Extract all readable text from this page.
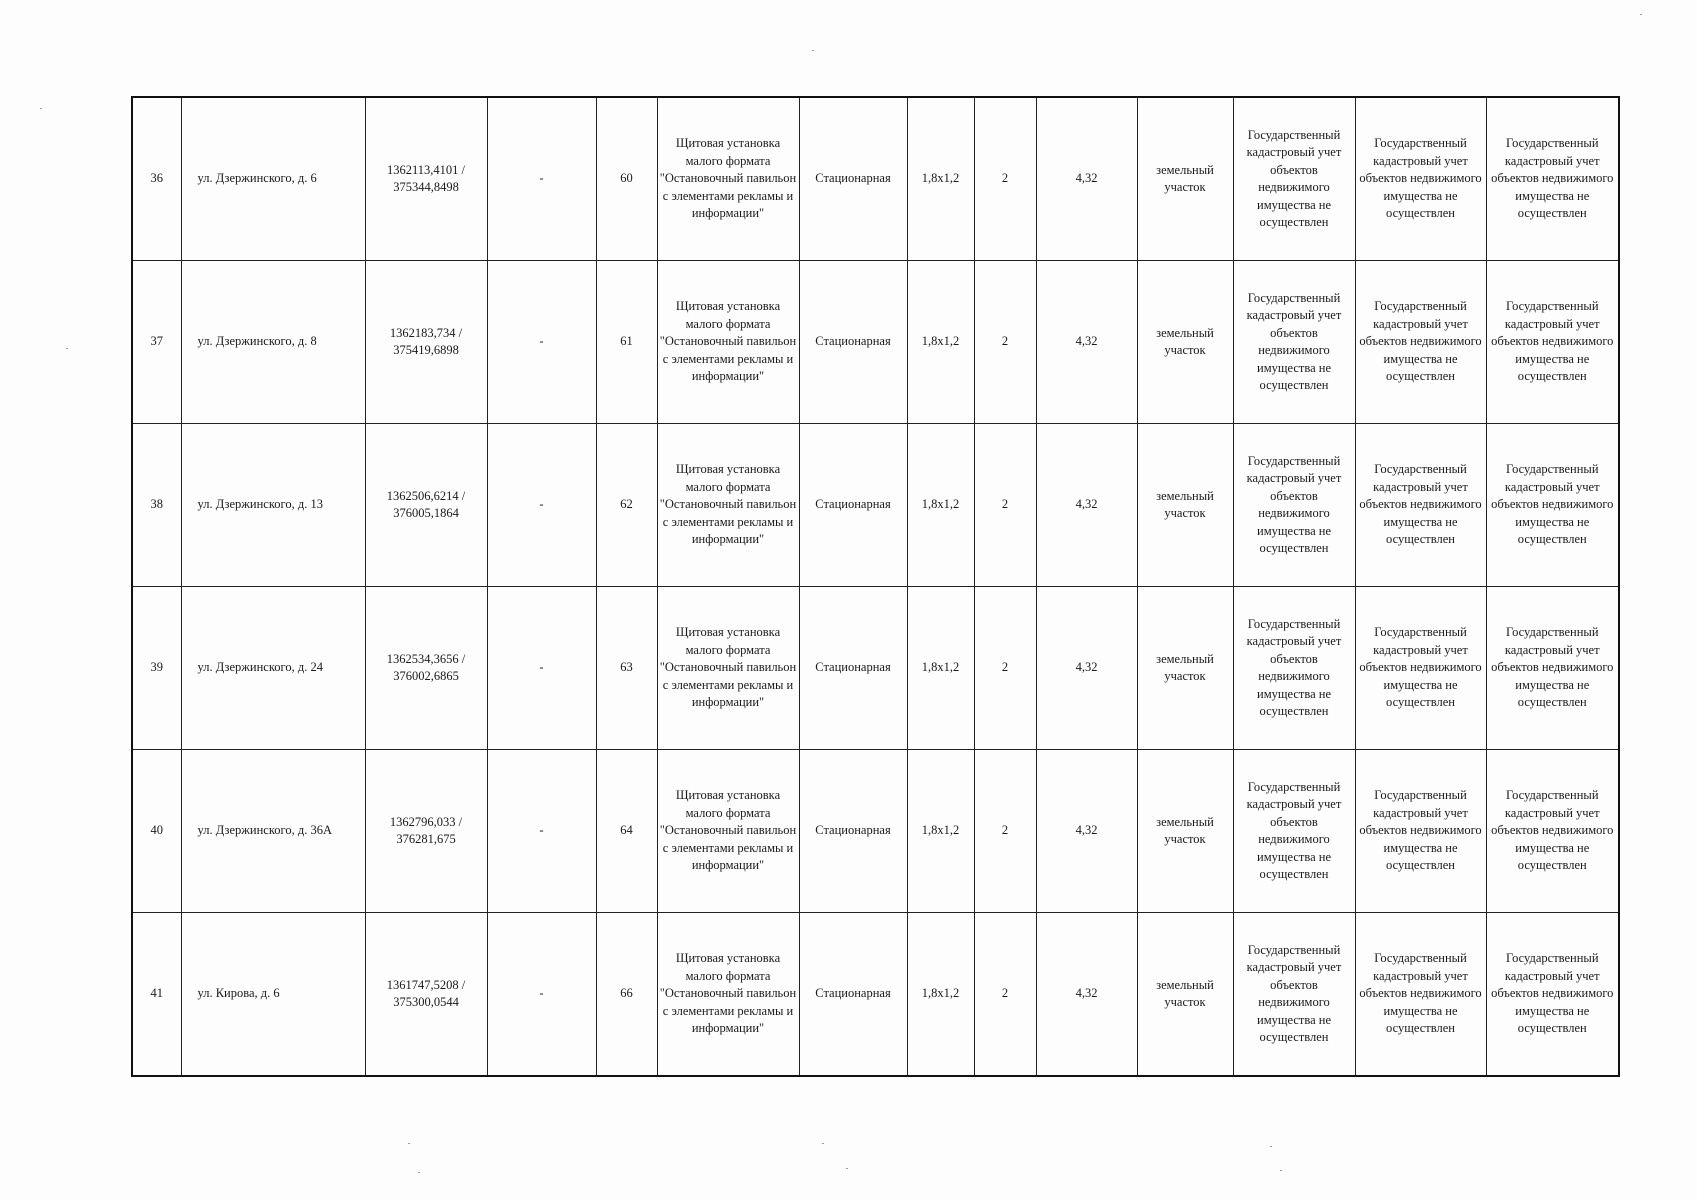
36	ул. Дзержинского, д. 6	1362113,4101 / 375344,8498	-	60	Щитовая установка малого формата "Остановочный павильон с элементами рекламы и информации"	Стационарная	1,8x1,2	2	4,32	земельный участок	Государственный кадастровый учет объектов недвижимого имущества не осуществлен	Государственный кадастровый учет объектов недвижимого имущества не осуществлен	Государственный кадастровый учет объектов недвижимого имущества не осуществлен
37	ул. Дзержинского, д. 8	1362183,734 / 375419,6898	-	61	Щитовая установка малого формата "Остановочный павильон с элементами рекламы и информации"	Стационарная	1,8x1,2	2	4,32	земельный участок	Государственный кадастровый учет объектов недвижимого имущества не осуществлен	Государственный кадастровый учет объектов недвижимого имущества не осуществлен	Государственный кадастровый учет объектов недвижимого имущества не осуществлен
38	ул. Дзержинского, д. 13	1362506,6214 / 376005,1864	-	62	Щитовая установка малого формата "Остановочный павильон с элементами рекламы и информации"	Стационарная	1,8x1,2	2	4,32	земельный участок	Государственный кадастровый учет объектов недвижимого имущества не осуществлен	Государственный кадастровый учет объектов недвижимого имущества не осуществлен	Государственный кадастровый учет объектов недвижимого имущества не осуществлен
39	ул. Дзержинского, д. 24	1362534,3656 / 376002,6865	-	63	Щитовая установка малого формата "Остановочный павильон с элементами рекламы и информации"	Стационарная	1,8x1,2	2	4,32	земельный участок	Государственный кадастровый учет объектов недвижимого имущества не осуществлен	Государственный кадастровый учет объектов недвижимого имущества не осуществлен	Государственный кадастровый учет объектов недвижимого имущества не осуществлен
40	ул. Дзержинского, д. 36А	1362796,033 / 376281,675	-	64	Щитовая установка малого формата "Остановочный павильон с элементами рекламы и информации"	Стационарная	1,8x1,2	2	4,32	земельный участок	Государственный кадастровый учет объектов недвижимого имущества не осуществлен	Государственный кадастровый учет объектов недвижимого имущества не осуществлен	Государственный кадастровый учет объектов недвижимого имущества не осуществлен
41	ул. Кирова, д. 6	1361747,5208 / 375300,0544	-	66	Щитовая установка малого формата "Остановочный павильон с элементами рекламы и информации"	Стационарная	1,8x1,2	2	4,32	земельный участок	Государственный кадастровый учет объектов недвижимого имущества не осуществлен	Государственный кадастровый учет объектов недвижимого имущества не осуществлен	Государственный кадастровый учет объектов недвижимого имущества не осуществлен
